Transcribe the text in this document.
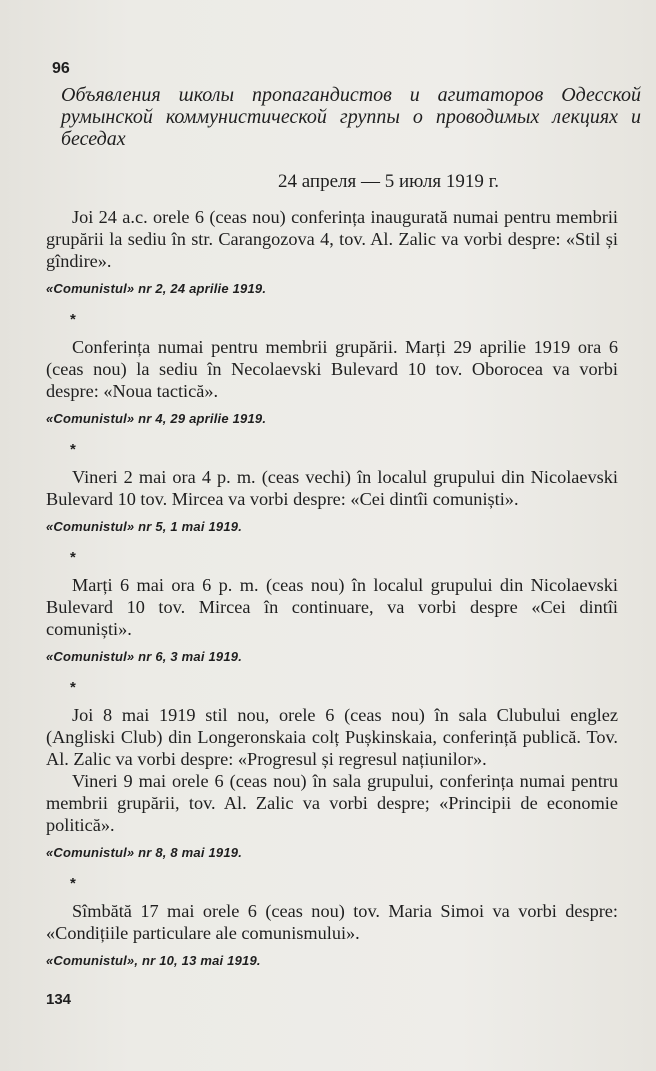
96
Объявления школы пропагандистов и агитаторов Одесской румынской коммунистической группы о проводимых лекциях и беседах
24 апреля — 5 июля 1919 г.

Joi 24 a.c. orele 6 (ceas nou) conferința inaugurată numai pentru membrii grupării la sediu în str. Carangozova 4, tov. Al. Zalic va vorbi despre: «Stil și gîndire».

«Comunistul» nr 2, 24 aprilie 1919.
*

Conferința numai pentru membrii grupării. Marți 29 aprilie 1919 ora 6 (ceas nou) la sediu în Necolaevski Bulevard 10 tov. Oborocea va vorbi despre: «Noua tactică».

«Comunistul» nr 4, 29 aprilie 1919.
*

Vineri 2 mai ora 4 p. m. (ceas vechi) în localul grupului din Nicolaevski Bulevard 10 tov. Mircea va vorbi despre: «Cei dintîi comuniști».

«Comunistul» nr 5, 1 mai 1919.
*

Marți 6 mai ora 6 p. m. (ceas nou) în localul grupului din Nicolaevski Bulevard 10 tov. Mircea în continuare, va vorbi despre «Cei dintîi comuniști».

«Comunistul» nr 6, 3 mai 1919.
*

Joi 8 mai 1919 stil nou, orele 6 (ceas nou) în sala Clubului englez (Angliski Club) din Longeronskaia colț Pușkinskaia, conferință publică. Tov. Al. Zalic va vorbi despre: «Progresul și regresul națiunilor».

Vineri 9 mai orele 6 (ceas nou) în sala grupului, conferința numai pentru membrii grupării, tov. Al. Zalic va vorbi despre; «Principii de economie politică».

«Comunistul» nr 8, 8 mai 1919.
*

Sîmbătă 17 mai orele 6 (ceas nou) tov. Maria Simoi va vorbi despre: «Condițiile particulare ale comunismului».

«Comunistul», nr 10, 13 mai 1919.
134
